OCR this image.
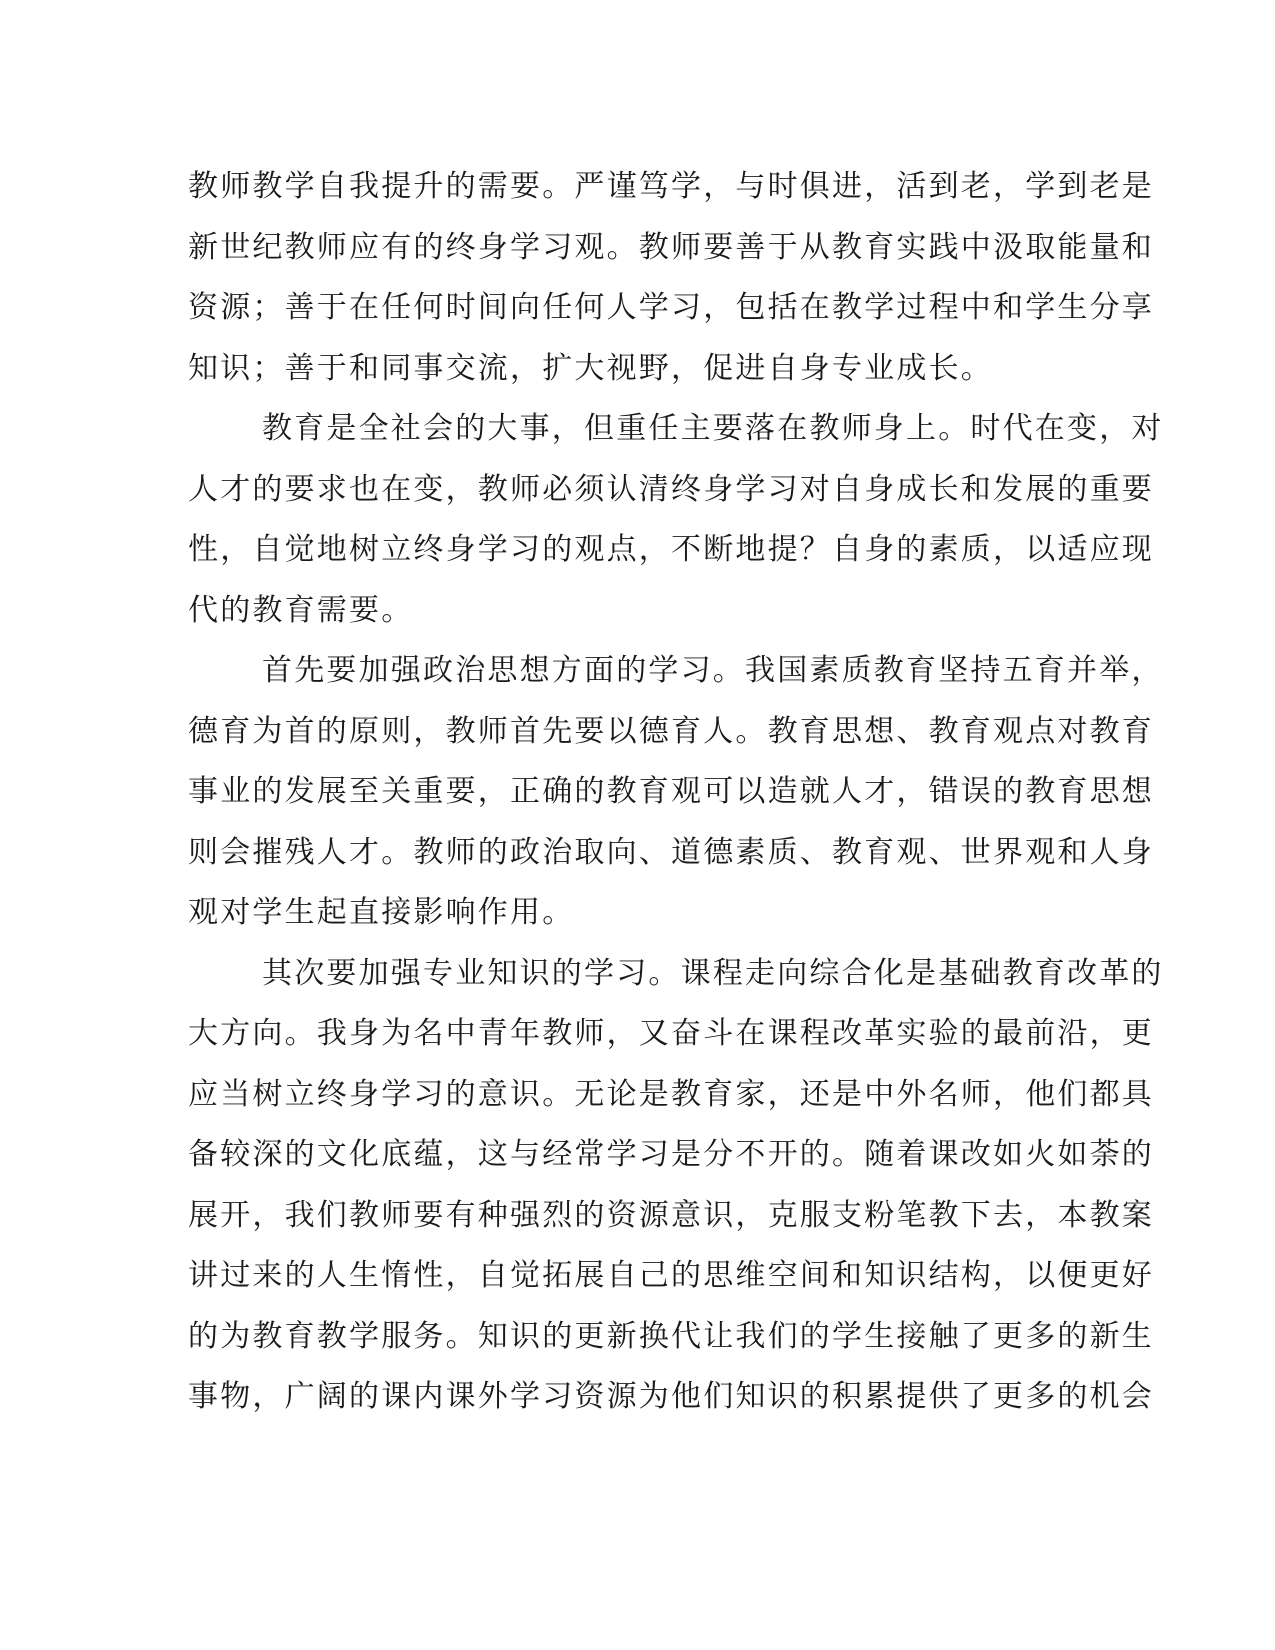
教师教学自我提升的需要。严谨笃学，与时俱进，活到老，学到老是
新世纪教师应有的终身学习观。教师要善于从教育实践中汲取能量和
资源；善于在任何时间向任何人学习，包括在教学过程中和学生分享
知识；善于和同事交流，扩大视野，促进自身专业成长。
教育是全社会的大事，但重任主要落在教师身上。时代在变，对
人才的要求也在变，教师必须认清终身学习对自身成长和发展的重要
性，自觉地树立终身学习的观点，不断地提？自身的素质，以适应现
代的教育需要。
首先要加强政治思想方面的学习。我国素质教育坚持五育并举，
德育为首的原则，教师首先要以德育人。教育思想、教育观点对教育
事业的发展至关重要，正确的教育观可以造就人才，错误的教育思想
则会摧残人才。教师的政治取向、道德素质、教育观、世界观和人身
观对学生起直接影响作用。
其次要加强专业知识的学习。课程走向综合化是基础教育改革的
大方向。我身为名中青年教师，又奋斗在课程改革实验的最前沿，更
应当树立终身学习的意识。无论是教育家，还是中外名师，他们都具
备较深的文化底蕴，这与经常学习是分不开的。随着课改如火如荼的
展开，我们教师要有种强烈的资源意识，克服支粉笔教下去，本教案
讲过来的人生惰性，自觉拓展自己的思维空间和知识结构，以便更好
的为教育教学服务。知识的更新换代让我们的学生接触了更多的新生
事物，广阔的课内课外学习资源为他们知识的积累提供了更多的机会
